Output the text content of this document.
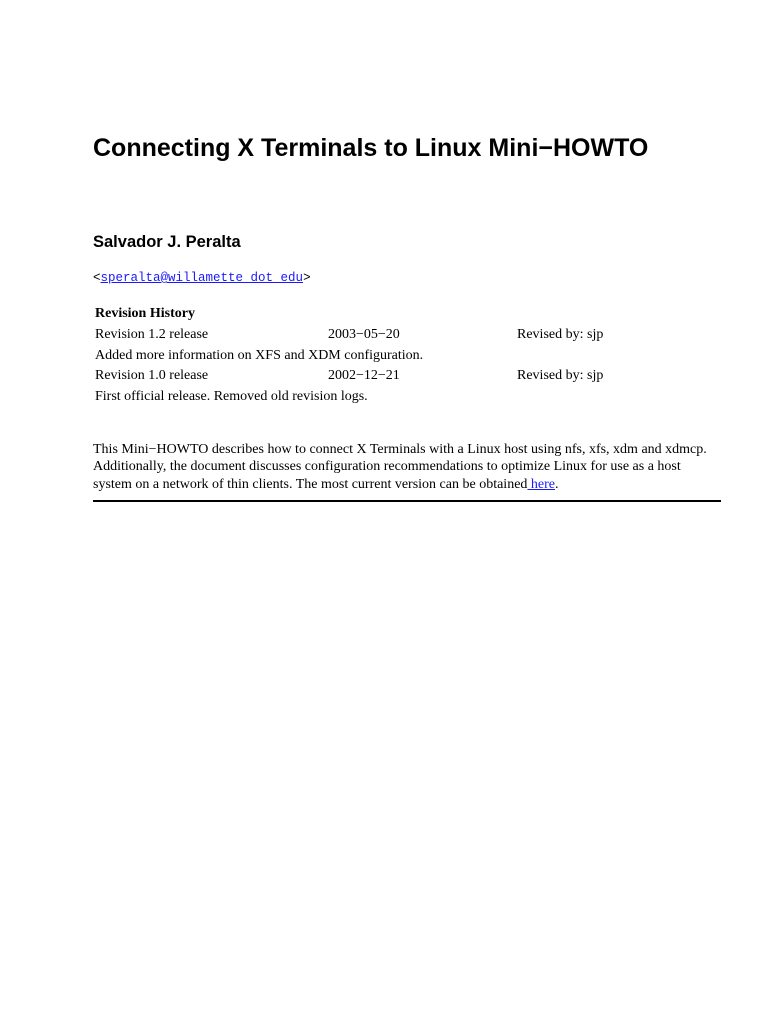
Connecting X Terminals to Linux Mini−HOWTO
Salvador J. Peralta
<speralta@willamette dot edu>
Revision History
Revision 1.2 release	2003−05−20	Revised by: sjp
Added more information on XFS and XDM configuration.
Revision 1.0 release	2002−12−21	Revised by: sjp
First official release. Removed old revision logs.

This Mini−HOWTO describes how to connect X Terminals with a Linux host using nfs, xfs, xdm and xdmcp. Additionally, the document discusses configuration recommendations to optimize Linux for use as a host system on a network of thin clients. The most current version can be obtained here.
